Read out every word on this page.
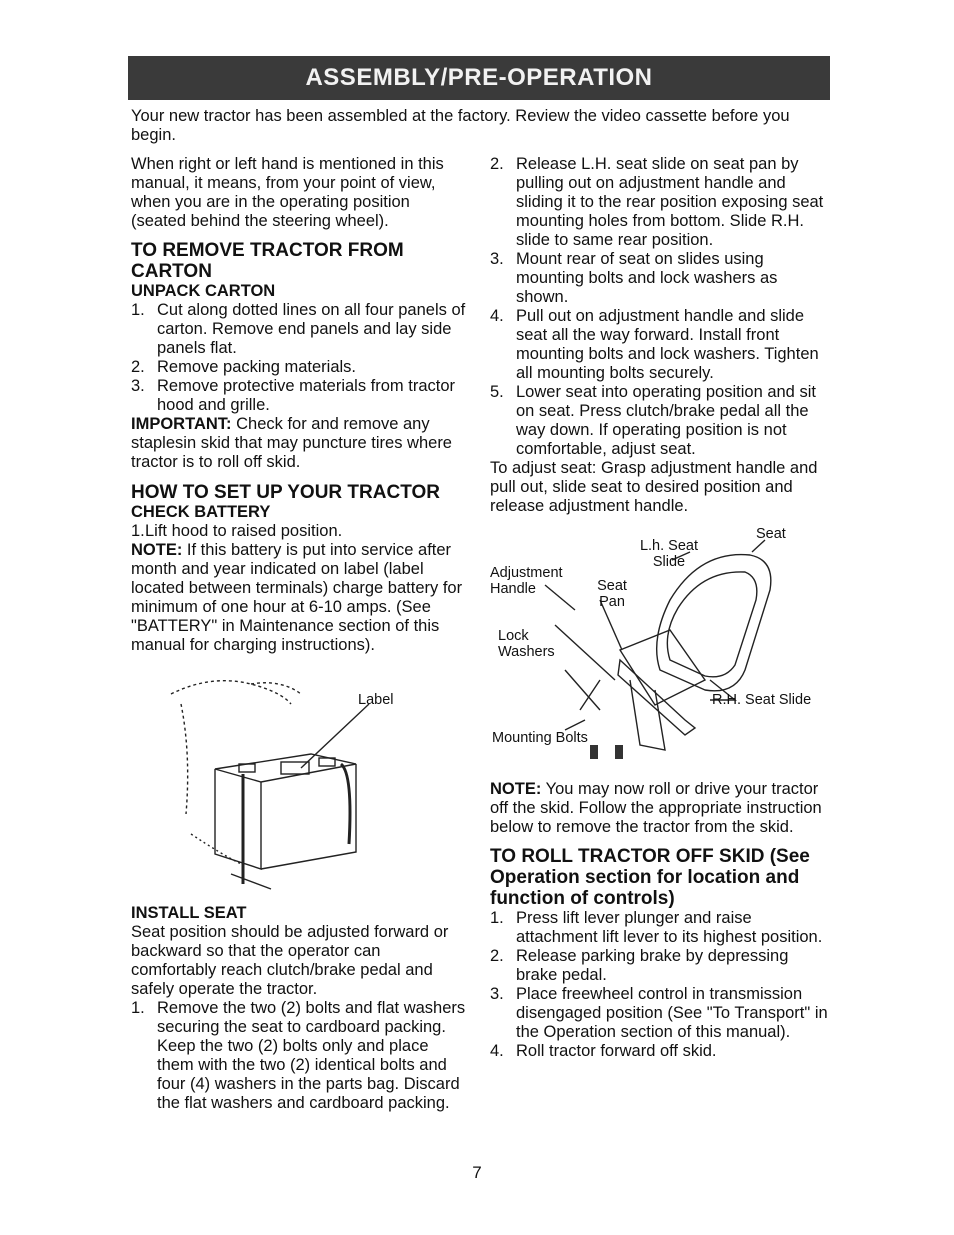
ASSEMBLY/PRE-OPERATION
Your new tractor has been assembled at the factory. Review the video cassette before you begin.

When right or left hand is mentioned in this manual, it means, from your point of view, when you are in the operating position (seated behind the steering wheel).

TO REMOVE TRACTOR FROM CARTON
UNPACK CARTON
1. Cut along dotted lines on all four panels of carton. Remove end panels and lay side panels flat.
2. Remove packing materials.
3. Remove protective materials from tractor hood and grille.

IMPORTANT: Check for and remove any staplesin skid that may puncture tires where tractor is to roll off skid.

HOW TO SET UP YOUR TRACTOR
CHECK BATTERY
1. Lift hood to raised position.

NOTE: If this battery is put into service after month and year indicated on label (label located between terminals) charge battery for minimum of one hour at 6-10 amps. (See "BATTERY" in Maintenance section of this manual for charging instructions).

Label
INSTALL SEAT

Seat position should be adjusted forward or backward so that the operator can comfortably reach clutch/brake pedal and safely operate the tractor.

1. Remove the two (2) bolts and flat washers securing the seat to cardboard packing. Keep the two (2) bolts only and place them with the two (2) identical bolts and four (4) washers in the parts bag. Discard the flat washers and cardboard packing.
2. Release L.H. seat slide on seat pan by pulling out on adjustment handle and sliding it to the rear position exposing seat mounting holes from bottom. Slide R.H. slide to same rear position.
3. Mount rear of seat on slides using mounting bolts and lock washers as shown.
4. Pull out on adjustment handle and slide seat all the way forward. Install front mounting bolts and lock washers. Tighten all mounting bolts securely.
5. Lower seat into operating position and sit on seat. Press clutch/brake pedal all the way down. If operating position is not comfortable, adjust seat.

To adjust seat: Grasp adjustment handle and pull out, slide seat to desired position and release adjustment handle.

Seat
L.h. Seat Slide
Adjustment Handle	Seat Pan
Lock Washers
R.H. Seat Slide
Mounting Bolts

NOTE: You may now roll or drive your tractor off the skid. Follow the appropriate instruction below to remove the tractor from the skid.

TO ROLL TRACTOR OFF SKID (See Operation section for location and function of controls)
1. Press lift lever plunger and raise attachment lift lever to its highest position.
2. Release parking brake by depressing brake pedal.
3. Place freewheel control in transmission disengaged position (See "To Transport" in the Operation section of this manual).
4. Roll tractor forward off skid.
7
